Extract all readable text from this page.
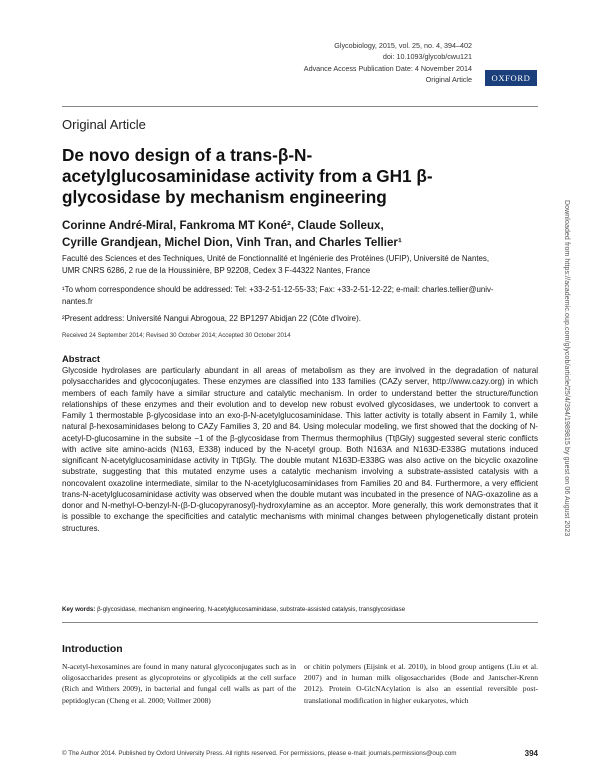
Glycobiology, 2015, vol. 25, no. 4, 394–402
doi: 10.1093/glycob/cwu121
Advance Access Publication Date: 4 November 2014
Original Article	OXFORD
Original Article
De novo design of a trans-β-N-acetylglucosaminidase activity from a GH1 β-glycosidase by mechanism engineering
Corinne André-Miral, Fankroma MT Koné², Claude Solleux,
Cyrille Grandjean, Michel Dion, Vinh Tran, and Charles Tellier¹
Faculté des Sciences et des Techniques, Unité de Fonctionnalité et Ingénierie des Protéines (UFIP), Université de Nantes, UMR CNRS 6286, 2 rue de la Houssinière, BP 92208, Cedex 3 F-44322 Nantes, France
¹To whom correspondence should be addressed: Tel: +33-2-51-12-55-33; Fax: +33-2-51-12-22; e-mail: charles.tellier@univ-nantes.fr
²Present address: Université Nangui Abrogoua, 22 BP1297 Abidjan 22 (Côte d'Ivoire).
Received 24 September 2014; Revised 30 October 2014; Accepted 30 October 2014
Abstract

Glycoside hydrolases are particularly abundant in all areas of metabolism as they are involved in the degradation of natural polysaccharides and glycoconjugates. These enzymes are classified into 133 families (CAZy server, http://www.cazy.org) in which members of each family have a similar structure and catalytic mechanism. In order to understand better the structure/function relationships of these enzymes and their evolution and to develop new robust evolved glycosidases, we undertook to convert a Family 1 thermostable β-glycosidase into an exo-β-N-acetylglucosaminidase. This latter activity is totally absent in Family 1, while natural β-hexosaminidases belong to CAZy Families 3, 20 and 84. Using molecular modeling, we first showed that the docking of N-acetyl-D-glucosamine in the subsite −1 of the β-glycosidase from Thermus thermophilus (TtβGly) suggested several steric conflicts with active site amino-acids (N163, E338) induced by the N-acetyl group. Both N163A and N163D-E338G mutations induced significant N-acetylglucosaminidase activity in TtβGly. The double mutant N163D-E338G was also active on the bicyclic oxazoline substrate, suggesting that this mutated enzyme uses a catalytic mechanism involving a substrate-assisted catalysis with a noncovalent oxazoline intermediate, similar to the N-acetylglucosaminidases from Families 20 and 84. Furthermore, a very efficient trans-N-acetylglucosaminidase activity was observed when the double mutant was incubated in the presence of NAG-oxazoline as a donor and N-methyl-O-benzyl-N-(β-D-glucopyranosyl)-hydroxylamine as an acceptor. More generally, this work demonstrates that it is possible to exchange the specificities and catalytic mechanisms with minimal changes between phylogenetically distant protein structures.

Key words: β-glycosidase, mechanism engineering, N-acetylglucosaminidase, substrate-assisted catalysis, transglycosidase
Introduction

N-acetyl-hexosamines are found in many natural glycoconjugates such as in oligosaccharides present as glycoproteins or glycolipids at the cell surface (Rich and Withers 2009), in bacterial and fungal cell walls as part of the peptidoglycan (Cheng et al. 2000; Vollmer 2008)

or chitin polymers (Eijsink et al. 2010), in blood group antigens (Liu et al. 2007) and in human milk oligosaccharides (Bode and Jantscher-Krenn 2012). Protein O-GlcNAcylation is also an essential reversible post-translational modification in higher eukaryotes, which

© The Author 2014. Published by Oxford University Press. All rights reserved. For permissions, please e-mail: journals.permissions@oup.com	394
Downloaded from https://academic.oup.com/glycob/article/25/4/394/1989815 by guest on 06 August 2023
